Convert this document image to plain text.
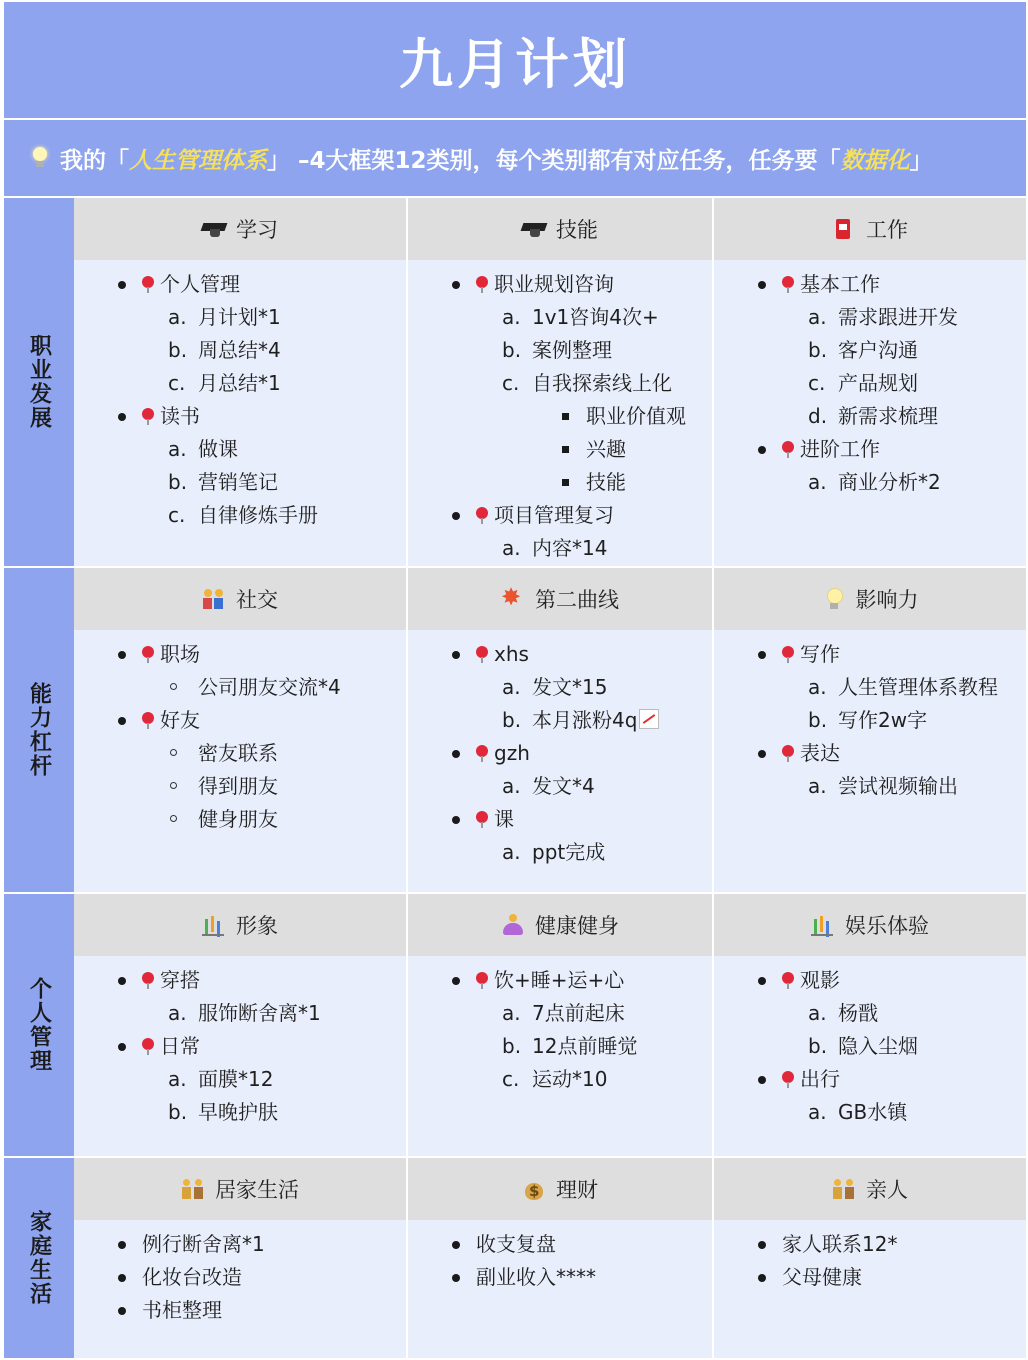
九月计划
我的「 人生管理体系 」 –4大框架12类别，每个类别都有对应任务，任务要「 数据化 」
职业发展
学习
个人管理
a. 月计划*1
b. 周总结*4
c. 月总结*1
读书
a. 做课
b. 营销笔记
c. 自律修炼手册
技能
职业规划咨询
a. 1v1咨询4次+
b. 案例整理
c. 自我探索线上化
职业价值观
兴趣
技能
项目管理复习
a. 内容*14
工作
基本工作
a. 需求跟进开发
b. 客户沟通
c. 产品规划
d. 新需求梳理
进阶工作
a. 商业分析*2
能力杠杆
社交
职场
公司朋友交流*4
好友
密友联系
得到朋友
健身朋友
✸
第二曲线
xhs
a. 发文*15
b. 本月涨粉4q
gzh
a. 发文*4
课
a. ppt完成
影响力
写作
a. 人生管理体系教程
b. 写作2w字
表达
a. 尝试视频输出
个人管理
形象
穿搭
a. 服饰断舍离*1
日常
a. 面膜*12
b. 早晚护肤
健康健身
饮+睡+运+心
a. 7点前起床
b. 12点前睡觉
c. 运动*10
娱乐体验
观影
a. 杨戬
b. 隐入尘烟
出行
a. GB水镇
家庭生活
居家生活
例行断舍离*1
化妆台改造
书柜整理
$
理财
收支复盘
副业收入****
亲人
家人联系12*
父母健康
